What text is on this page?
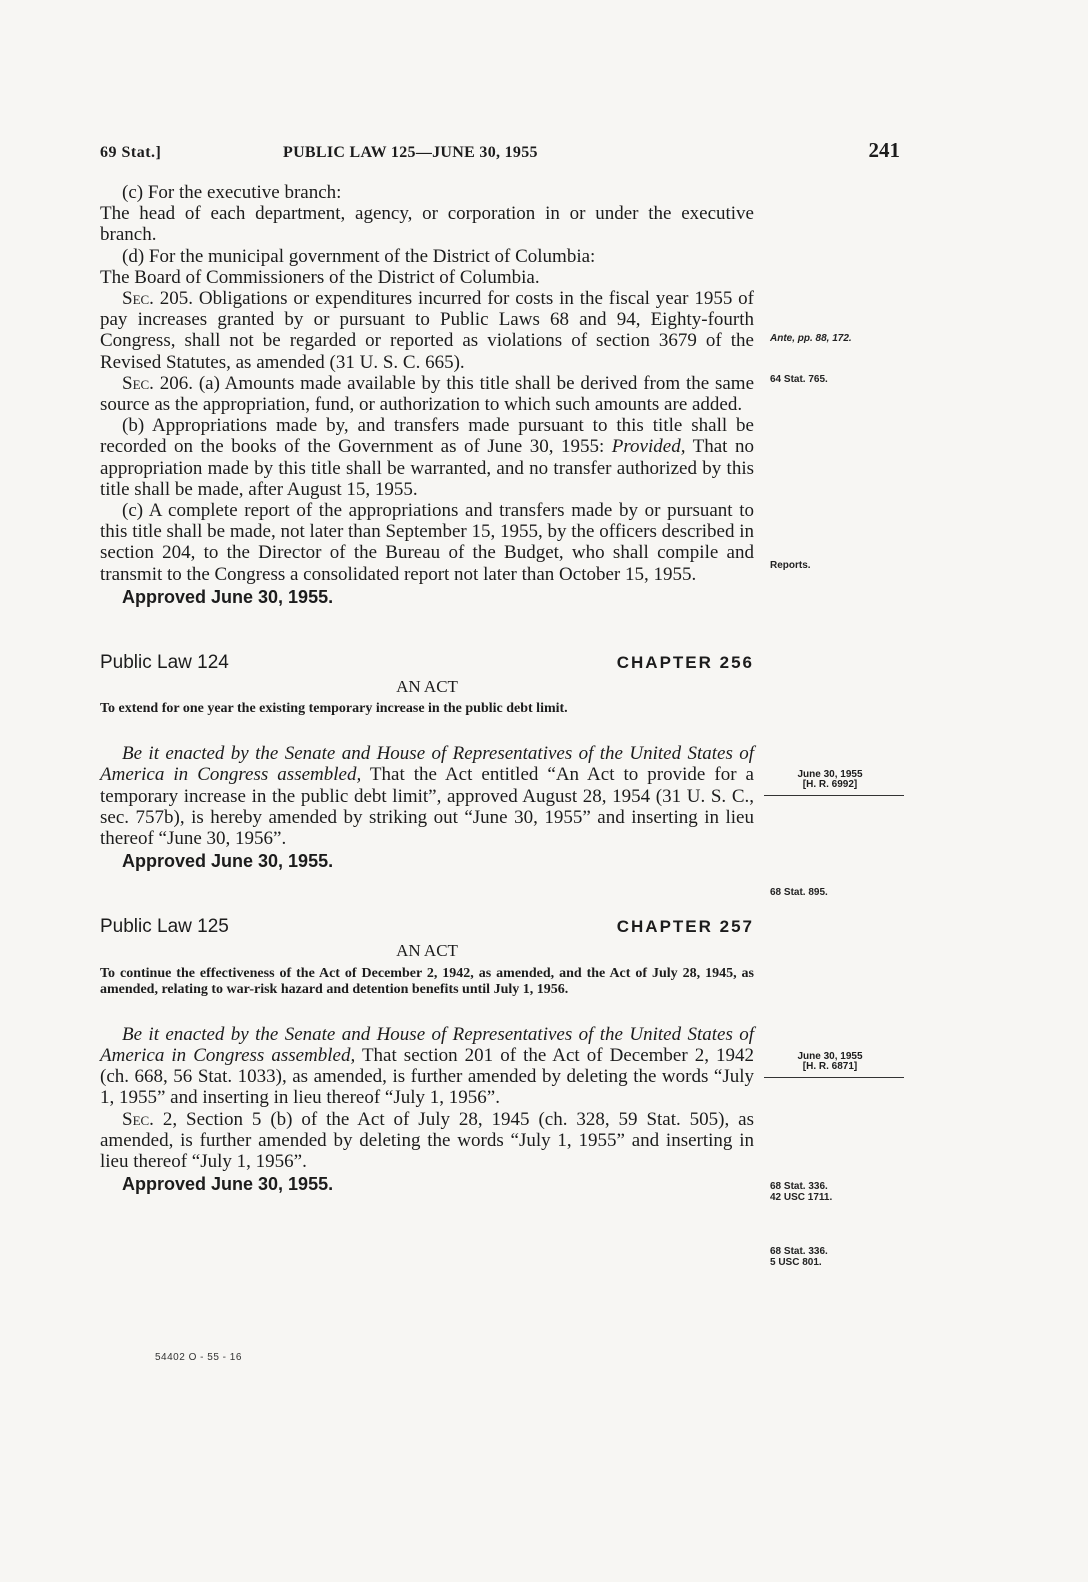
69 Stat.]	PUBLIC LAW 125—JUNE 30, 1955	241

(c) For the executive branch:

The head of each department, agency, or corporation in or under the executive branch.

(d) For the municipal government of the District of Columbia:

The Board of Commissioners of the District of Columbia.

Sec. 205. Obligations or expenditures incurred for costs in the fiscal year 1955 of pay increases granted by or pursuant to Public Laws 68 and 94, Eighty-fourth Congress, shall not be regarded or reported as violations of section 3679 of the Revised Statutes, as amended (31 U. S. C. 665).

Sec. 206. (a) Amounts made available by this title shall be derived from the same source as the appropriation, fund, or authorization to which such amounts are added.

(b) Appropriations made by, and transfers made pursuant to this title shall be recorded on the books of the Government as of June 30, 1955: Provided, That no appropriation made by this title shall be warranted, and no transfer authorized by this title shall be made, after August 15, 1955.

(c) A complete report of the appropriations and transfers made by or pursuant to this title shall be made, not later than September 15, 1955, by the officers described in section 204, to the Director of the Bureau of the Budget, who shall compile and transmit to the Congress a consolidated report not later than October 15, 1955.

Approved June 30, 1955.

Public Law 124	CHAPTER 256

AN ACT

To extend for one year the existing temporary increase in the public debt limit.

Be it enacted by the Senate and House of Representatives of the United States of America in Congress assembled, That the Act entitled “An Act to provide for a temporary increase in the public debt limit”, approved August 28, 1954 (31 U. S. C., sec. 757b), is hereby amended by striking out “June 30, 1955” and inserting in lieu thereof “June 30, 1956”.

Approved June 30, 1955.

Public Law 125	CHAPTER 257

AN ACT

To continue the effectiveness of the Act of December 2, 1942, as amended, and the Act of July 28, 1945, as amended, relating to war-risk hazard and detention benefits until July 1, 1956.

Be it enacted by the Senate and House of Representatives of the United States of America in Congress assembled, That section 201 of the Act of December 2, 1942 (ch. 668, 56 Stat. 1033), as amended, is further amended by deleting the words “July 1, 1955” and inserting in lieu thereof “July 1, 1956”.

Sec. 2, Section 5 (b) of the Act of July 28, 1945 (ch. 328, 59 Stat. 505), as amended, is further amended by deleting the words “July 1, 1955” and inserting in lieu thereof “July 1, 1956”.

Approved June 30, 1955.

Ante, pp. 88, 172.
64 Stat. 765.
Reports.
June 30, 1955
[H. R. 6992]
68 Stat. 895.
June 30, 1955
[H. R. 6871]
68 Stat. 336.
42 USC 1711.
68 Stat. 336.
5 USC 801.
54402 O - 55 - 16
